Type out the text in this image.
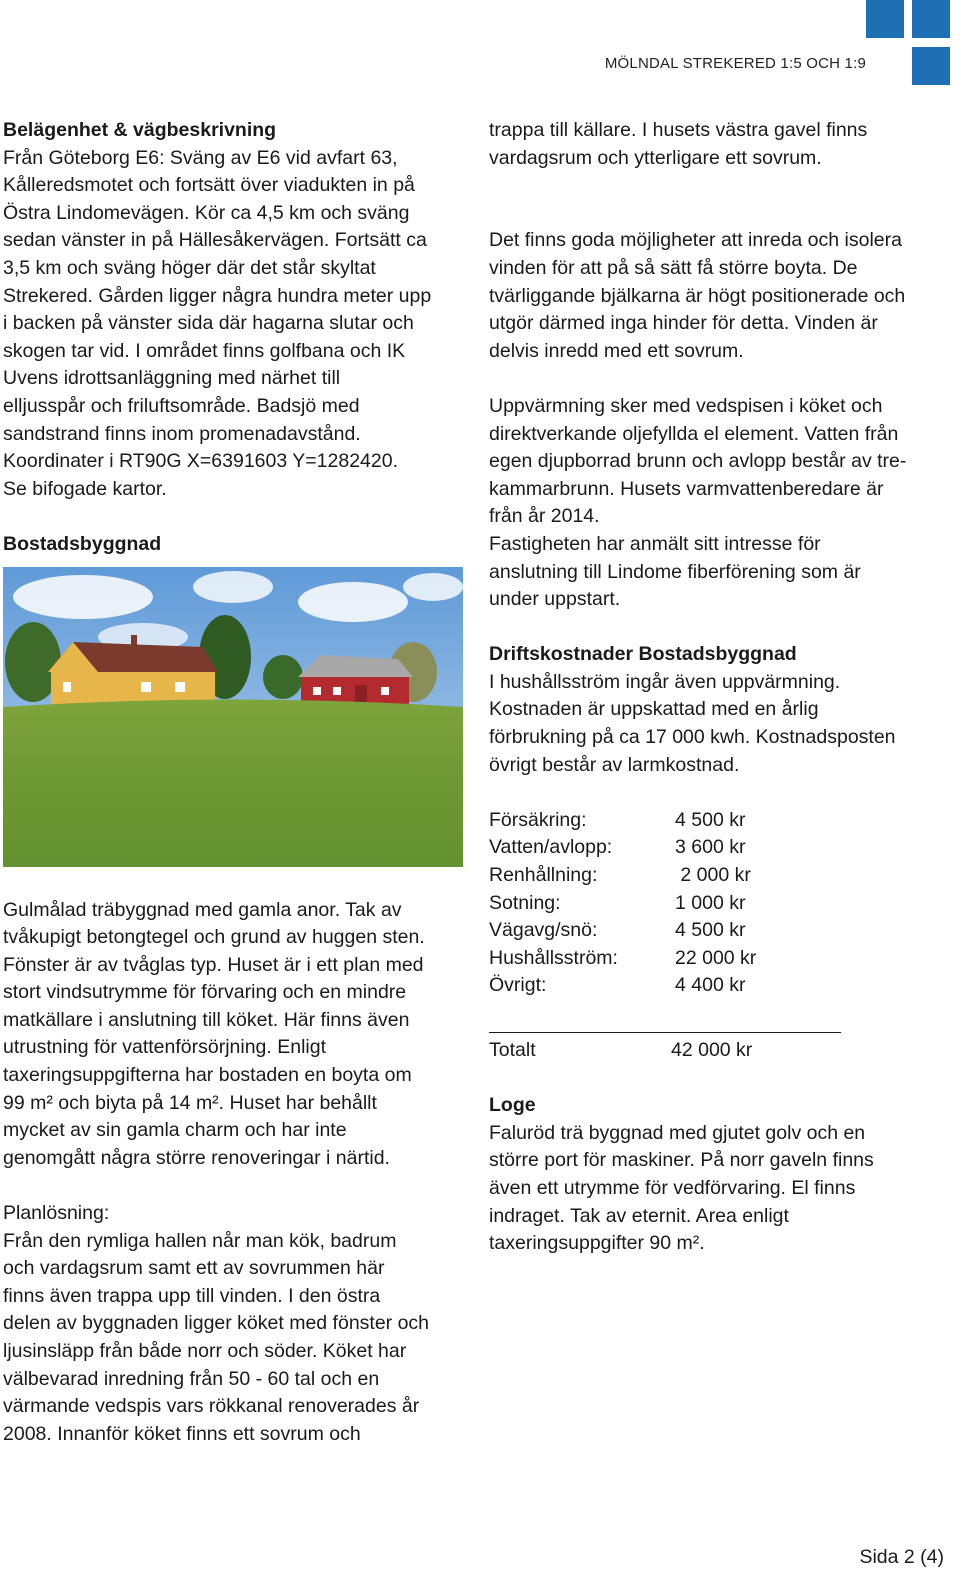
MÖLNDAL STREKERED 1:5 OCH 1:9
Belägenhet & vägbeskrivning
Från Göteborg E6: Sväng av E6 vid avfart 63,
Kålleredsmotet och fortsätt över viadukten in på
Östra Lindomevägen. Kör ca 4,5 km och sväng
sedan vänster in på Hällesåkervägen. Fortsätt ca
3,5 km och sväng höger där det står skyltat
Strekered. Gården ligger några hundra meter upp
i backen på vänster sida där hagarna slutar och
skogen tar vid. I området finns golfbana och IK
Uvens idrottsanläggning med närhet till
elljusspår och friluftsområde. Badsjö med
sandstrand finns inom promenadavstånd.
Koordinater i RT90G X=6391603 Y=1282420.
Se bifogade kartor.
Bostadsbyggnad
Gulmålad träbyggnad med gamla anor. Tak av
tvåkupigt betongtegel och grund av huggen sten.
Fönster är av tvåglas typ. Huset är i ett plan med
stort vindsutrymme för förvaring och en mindre
matkällare i anslutning till köket. Här finns även
utrustning för vattenförsörjning. Enligt
taxeringsuppgifterna har bostaden en boyta om
99 m² och biyta på 14 m². Huset har behållt
mycket av sin gamla charm och har inte
genomgått några större renoveringar i närtid.
Planlösning:
Från den rymliga hallen når man kök, badrum
och vardagsrum samt ett av sovrummen här
finns även trappa upp till vinden. I den östra
delen av byggnaden ligger köket med fönster och
ljusinsläpp från både norr och söder. Köket har
välbevarad inredning från 50 - 60 tal och en
värmande vedspis vars rökkanal renoverades år
2008. Innanför köket finns ett sovrum och
trappa till källare. I husets västra gavel finns
vardagsrum och ytterligare ett sovrum.
Det finns goda möjligheter att inreda och isolera
vinden för att på så sätt få större boyta. De
tvärliggande bjälkarna är högt positionerade och
utgör därmed inga hinder för detta. Vinden är
delvis inredd med ett sovrum.
Uppvärmning sker med vedspisen i köket och
direktverkande oljefyllda el element. Vatten från
egen djupborrad brunn och avlopp består av tre-
kammarbrunn. Husets varmvattenberedare är
från år 2014.
Fastigheten har anmält sitt intresse för
anslutning till Lindome fiberförening som är
under uppstart.
Driftskostnader Bostadsbyggnad
I hushållsström ingår även uppvärmning.
Kostnaden är uppskattad med en årlig
förbrukning på ca 17 000 kwh. Kostnadsposten
övrigt består av larmkostnad.
Försäkring:	4 500 kr
Vatten/avlopp:	3 600 kr
Renhållning:	2 000 kr
Sotning:	1 000 kr
Vägavg/snö:	4 500 kr
Hushållsström:	22 000 kr
Övrigt:	4 400 kr
Totalt	42 000 kr
Loge
Faluröd trä byggnad med gjutet golv och en
större port för maskiner. På norr gaveln finns
även ett utrymme för vedförvaring. El finns
indraget. Tak av eternit. Area enligt
taxeringsuppgifter 90 m².
Sida 2 (4)
